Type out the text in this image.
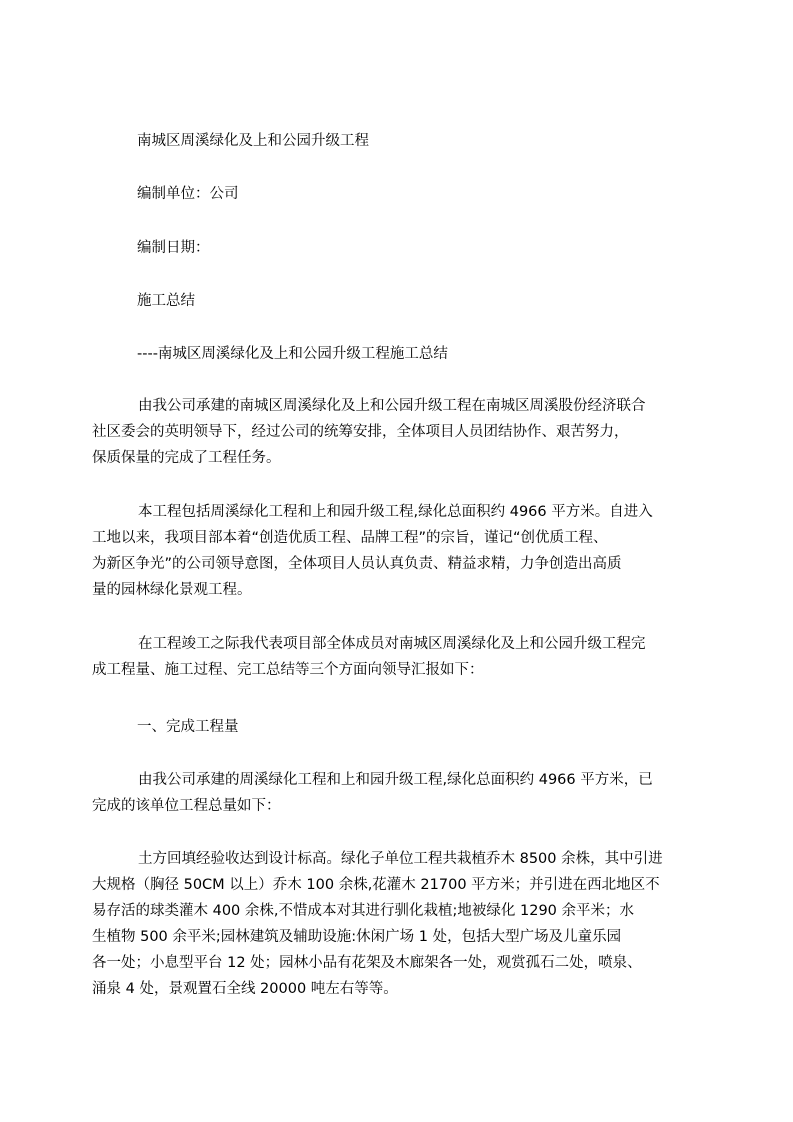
南城区周溪绿化及上和公园升级工程
编制单位：公司
编制日期：
施工总结
----南城区周溪绿化及上和公园升级工程施工总结
由我公司承建的南城区周溪绿化及上和公园升级工程在南城区周溪股份经济联合
社区委会的英明领导下，经过公司的统筹安排，全体项目人员团结协作、艰苦努力，
保质保量的完成了工程任务。
本工程包括周溪绿化工程和上和园升级工程,绿化总面积约 4966 平方米。自进入
工地以来，我项目部本着“创造优质工程、品牌工程”的宗旨，谨记“创优质工程、
为新区争光”的公司领导意图，全体项目人员认真负责、精益求精，力争创造出高质
量的园林绿化景观工程。
在工程竣工之际我代表项目部全体成员对南城区周溪绿化及上和公园升级工程完
成工程量、施工过程、完工总结等三个方面向领导汇报如下：
一、完成工程量
由我公司承建的周溪绿化工程和上和园升级工程,绿化总面积约 4966 平方米，已
完成的该单位工程总量如下：
土方回填经验收达到设计标高。绿化子单位工程共栽植乔木 8500 余株，其中引进
大规格（胸径 50CM 以上）乔木 100 余株,花灌木 21700 平方米；并引进在西北地区不
易存活的球类灌木 400 余株,不惜成本对其进行驯化栽植;地被绿化 1290 余平米；水
生植物 500 余平米;园林建筑及辅助设施:休闲广场 1 处，包括大型广场及儿童乐园
各一处；小息型平台 12 处；园林小品有花架及木廊架各一处，观赏孤石二处，喷泉、
涌泉 4 处，景观置石全线 20000 吨左右等等。
